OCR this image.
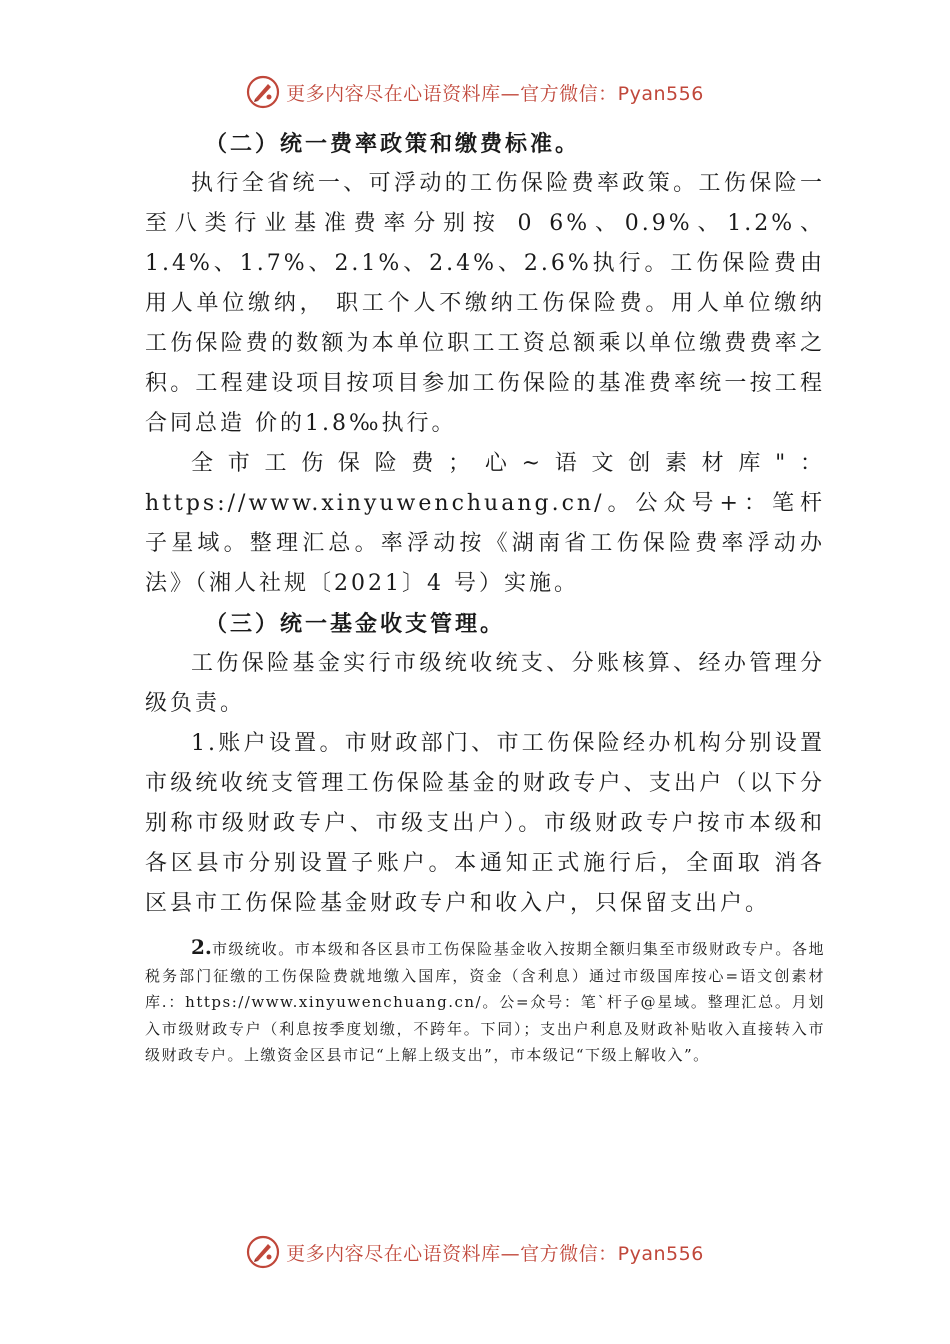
更多内容尽在心语资料库—官方微信：Pyan556

（二）统一费率政策和缴费标准。

执行全省统一、可浮动的工伤保险费率政策。工伤保险一至八类行业基准费率分别按 0 6%、0.9%、1.2%、1.4%、1.7%、2.1%、2.4%、2.6%执行。工伤保险费由用人单位缴纳， 职工个人不缴纳工伤保险费。用人单位缴纳工伤保险费的数额为本单位职工工资总额乘以单位缴费费率之积。工程建设项目按项目参加工伤保险的基准费率统一按工程合同总造 价的1.8‰执行。

全市工伤保险费；心~语文创素材库"：https://www.xinyuwenchuang.cn/。公众号+：笔杆子星域。整理汇总。率浮动按《湖南省工伤保险费率浮动办法》（湘人社规〔2021〕4 号）实施。

（三）统一基金收支管理。

工伤保险基金实行市级统收统支、分账核算、经办管理分级负责。

1.账户设置。市财政部门、市工伤保险经办机构分别设置市级统收统支管理工伤保险基金的财政专户、支出户（以下分别称市级财政专户、市级支出户）。市级财政专户按市本级和各区县市分别设置子账户。本通知正式施行后，全面取 消各区县市工伤保险基金财政专户和收入户，只保留支出户。

2.市级统收。市本级和各区县市工伤保险基金收入按期全额归集至市级财政专户。各地税务部门征缴的工伤保险费就地缴入国库，资金（含利息）通过市级国库按心=语文创素材库.：https://www.xinyuwenchuang.cn/。公=众号：笔`杆子@星域。整理汇总。月划入市级财政专户（利息按季度划缴，不跨年。下同）；支出户利息及财政补贴收入直接转入市级财政专户。上缴资金区县市记“上解上级支出”，市本级记“下级上解收入”。

更多内容尽在心语资料库—官方微信：Pyan556
